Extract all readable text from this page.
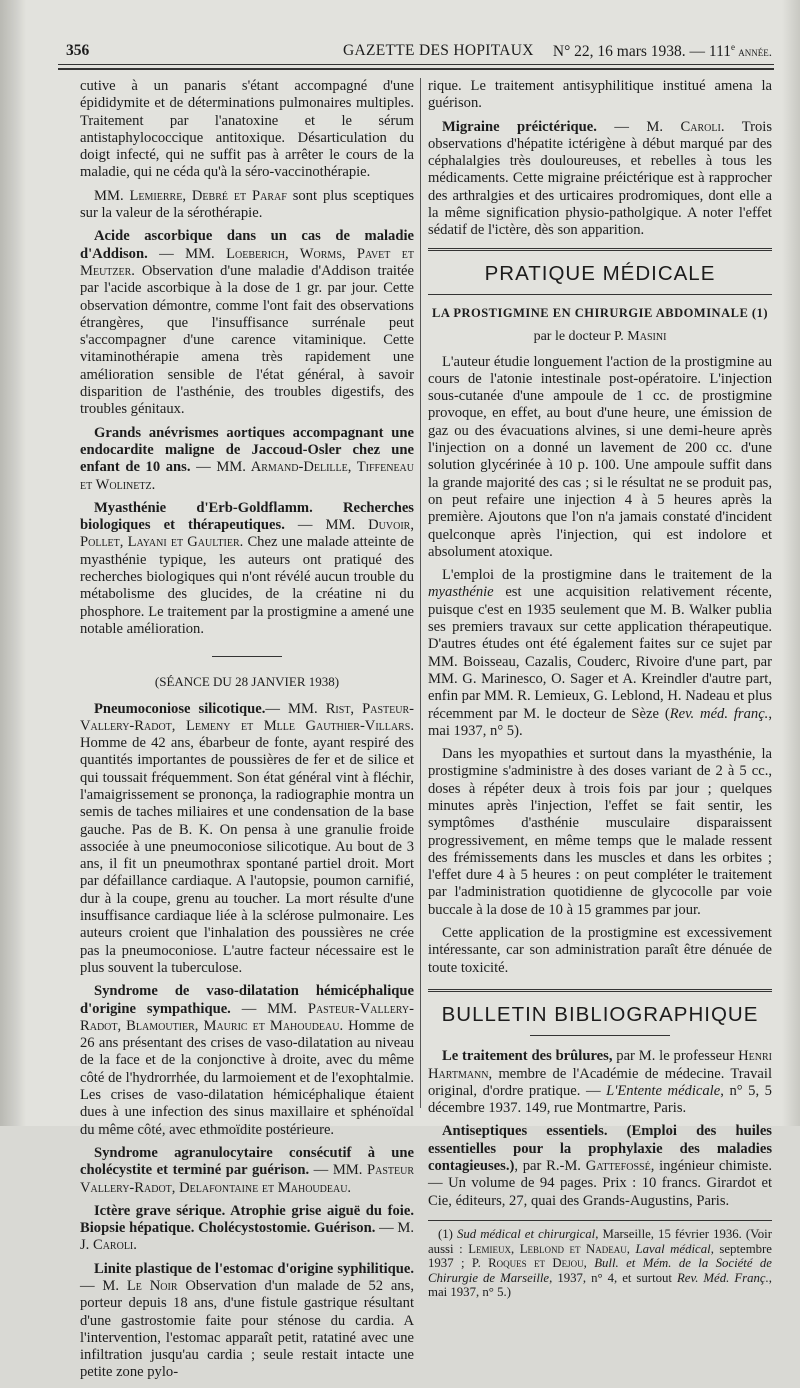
356	GAZETTE DES HOPITAUX N° 22, 16 mars 1938. — 111e année.

cutive à un panaris s'étant accompagné d'une épididymite et de déterminations pulmonaires multiples. Traitement par l'anatoxine et le sérum antistaphylococcique antitoxique. Désarticulation du doigt infecté, qui ne suffit pas à arrêter le cours de la maladie, qui ne céda qu'à la séro-vaccinothérapie.

MM. Lemierre, Debré et Paraf sont plus sceptiques sur la valeur de la sérothérapie.

Acide ascorbique dans un cas de maladie d'Addison. — MM. Loeberich, Worms, Pavet et Meutzer. Observation d'une maladie d'Addison traitée par l'acide ascorbique à la dose de 1 gr. par jour. Cette observation démontre, comme l'ont fait des observations étrangères, que l'insuffisance surrénale peut s'accompagner d'une carence vitaminique. Cette vitaminothérapie amena très rapidement une amélioration sensible de l'état général, à savoir disparition de l'asthénie, des troubles digestifs, des troubles génitaux.

Grands anévrismes aortiques accompagnant une endocardite maligne de Jaccoud-Osler chez une enfant de 10 ans. — MM. Armand-Delille, Tiffeneau et Wolinetz.

Myasthénie d'Erb-Goldflamm. Recherches biologiques et thérapeutiques. — MM. Duvoir, Pollet, Layani et Gaultier. Chez une malade atteinte de myasthénie typique, les auteurs ont pratiqué des recherches biologiques qui n'ont révélé aucun trouble du métabolisme des glucides, de la créatine ni du phosphore. Le traitement par la prostigmine a amené une notable amélioration.

(SÉANCE DU 28 JANVIER 1938)

Pneumoconiose silicotique.— MM. Rist, Pasteur-Vallery-Radot, Lemeny et Mlle Gauthier-Villars. Homme de 42 ans, ébarbeur de fonte, ayant respiré des quantités importantes de poussières de fer et de silice et qui toussait fréquemment. Son état général vint à fléchir, l'amaigrissement se prononça, la radiographie montra un semis de taches miliaires et une condensation de la base gauche. Pas de B. K. On pensa à une granulie froide associée à une pneumoconiose silicotique. Au bout de 3 ans, il fit un pneumothrax spontané partiel droit. Mort par défaillance cardiaque. A l'autopsie, poumon carnifié, dur à la coupe, grenu au toucher. La mort résulte d'une insuffisance cardiaque liée à la sclérose pulmonaire. Les auteurs croient que l'inhalation des poussières ne crée pas la pneumoconiose. L'autre facteur nécessaire est le plus souvent la tuberculose.

Syndrome de vaso-dilatation hémicéphalique d'origine sympathique. — MM. Pasteur-Vallery-Radot, Blamoutier, Mauric et Mahoudeau. Homme de 26 ans présentant des crises de vaso-dilatation au niveau de la face et de la conjonctive à droite, avec du même côté de l'hydrorrhée, du larmoiement et de l'exophtalmie. Les crises de vaso-dilatation hémicéphalique étaient dues à une infection des sinus maxillaire et sphénoïdal du même côté, avec ethmoïdite postérieure.

Syndrome agranulocytaire consécutif à une cholécystite et terminé par guérison. — MM. Pasteur Vallery-Radot, Delafontaine et Mahoudeau.

Ictère grave sérique. Atrophie grise aiguë du foie. Biopsie hépatique. Cholécystostomie. Guérison. — M. J. Caroli.

Linite plastique de l'estomac d'origine syphilitique. — M. Le Noir Observation d'un malade de 52 ans, porteur depuis 18 ans, d'une fistule gastrique résultant d'une gastrostomie faite pour sténose du cardia. A l'intervention, l'estomac apparaît petit, ratatiné avec une infiltration jusqu'au cardia ; seule restait intacte une petite zone pylo-

rique. Le traitement antisyphilitique institué amena la guérison.

Migraine préictérique. — M. Caroli. Trois observations d'hépatite ictérigène à début marqué par des céphalalgies très douloureuses, et rebelles à tous les médicaments. Cette migraine préictérique est à rapprocher des arthralgies et des urticaires prodromiques, dont elle a la même signification physio-patholgique. A noter l'effet sédatif de l'ictère, dès son apparition.

PRATIQUE MÉDICALE
LA PROSTIGMINE EN CHIRURGIE ABDOMINALE (1)
par le docteur P. Masini

L'auteur étudie longuement l'action de la prostigmine au cours de l'atonie intestinale post-opératoire. L'injection sous-cutanée d'une ampoule de 1 cc. de prostigmine provoque, en effet, au bout d'une heure, une émission de gaz ou des évacuations alvines, si une demi-heure après l'injection on a donné un lavement de 200 cc. d'une solution glycérinée à 10 p. 100. Une ampoule suffit dans la grande majorité des cas ; si le résultat ne se produit pas, on peut refaire une injection 4 à 5 heures après la première. Ajoutons que l'on n'a jamais constaté d'incident quelconque après l'injection, qui est indolore et absolument atoxique.

L'emploi de la prostigmine dans le traitement de la myasthénie est une acquisition relativement récente, puisque c'est en 1935 seulement que M. B. Walker publia ses premiers travaux sur cette application thérapeutique. D'autres études ont été également faites sur ce sujet par MM. Boisseau, Cazalis, Couderc, Rivoire d'une part, par MM. G. Marinesco, O. Sager et A. Kreindler d'autre part, enfin par MM. R. Lemieux, G. Leblond, H. Nadeau et plus récemment par M. le docteur de Sèze (Rev. méd. franç., mai 1937, n° 5).

Dans les myopathies et surtout dans la myasthénie, la prostigmine s'administre à des doses variant de 2 à 5 cc., doses à répéter deux à trois fois par jour ; quelques minutes après l'injection, l'effet se fait sentir, les symptômes d'asthénie musculaire disparaissent progressivement, en même temps que le malade ressent des frémissements dans les muscles et dans les orbites ; l'effet dure 4 à 5 heures : on peut compléter le traitement par l'administration quotidienne de glycocolle par voie buccale à la dose de 10 à 15 grammes par jour.

Cette application de la prostigmine est excessivement intéressante, car son administration paraît être dénuée de toute toxicité.

BULLETIN BIBLIOGRAPHIQUE

Le traitement des brûlures, par M. le professeur Henri Hartmann, membre de l'Académie de médecine. Travail original, d'ordre pratique. — L'Entente médicale, n° 5, 5 décembre 1937. 149, rue Montmartre, Paris.

Antiseptiques essentiels. (Emploi des huiles essentielles pour la prophylaxie des maladies contagieuses.), par R.-M. Gattefossé, ingénieur chimiste. — Un volume de 94 pages. Prix : 10 francs. Girardot et Cie, éditeurs, 27, quai des Grands-Augustins, Paris.

(1) Sud médical et chirurgical, Marseille, 15 février 1936. (Voir aussi : Lemieux, Leblond et Nadeau, Laval médical, septembre 1937 ; P. Roques et Dejou, Bull. et Mém. de la Société de Chirurgie de Marseille, 1937, n° 4, et surtout Rev. Méd. Franç., mai 1937, n° 5.)
